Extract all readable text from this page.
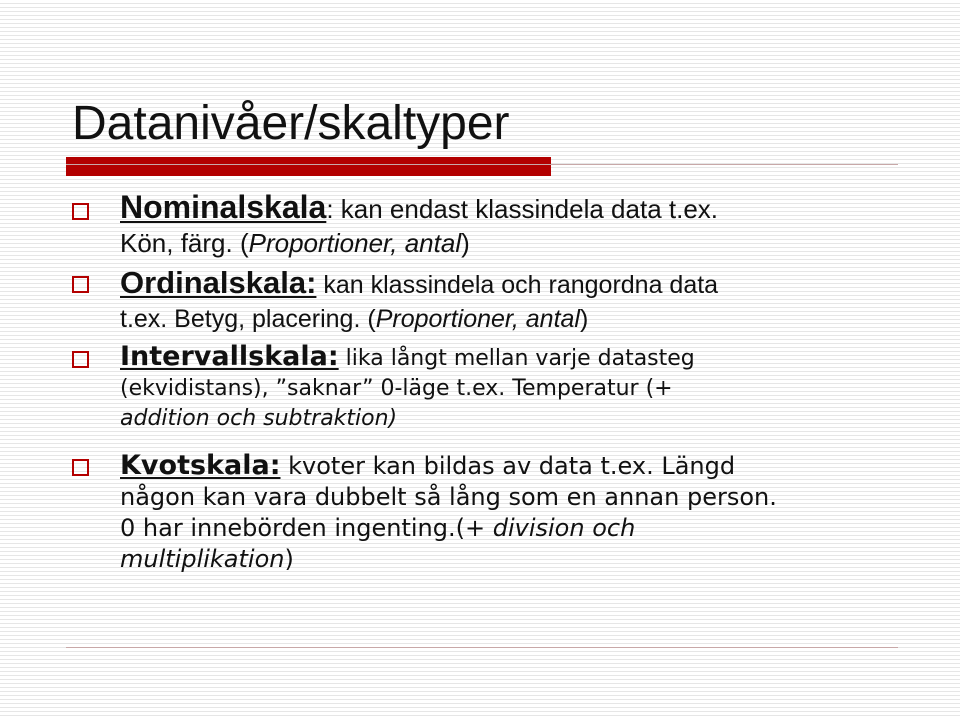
Datanivåer/skaltyper
Nominalskala: kan endast klassindela data t.ex.
Kön, färg. (Proportioner, antal)
Ordinalskala: kan klassindela och rangordna data
t.ex. Betyg, placering. (Proportioner, antal)
Intervallskala: lika långt mellan varje datasteg
(ekvidistans), ”saknar” 0-läge t.ex. Temperatur (+
addition och subtraktion)
Kvotskala: kvoter kan bildas av data t.ex. Längd
någon kan vara dubbelt så lång som en annan person.
0 har innebörden ingenting.(+ division och
multiplikation)
